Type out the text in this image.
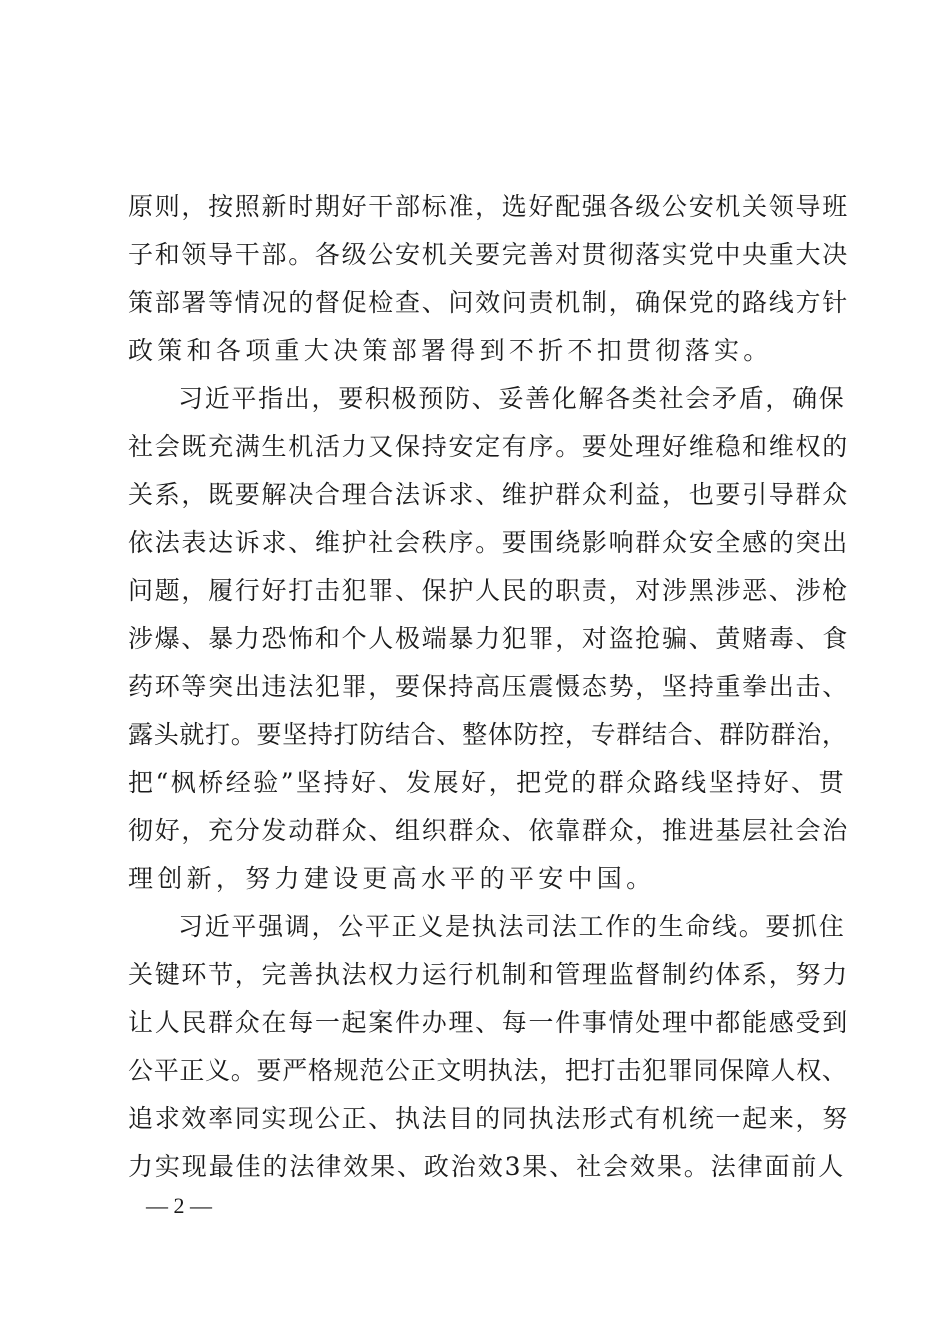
原则，按照新时期好干部标准，选好配强各级公安机关领导班
子和领导干部。各级公安机关要完善对贯彻落实党中央重大决
策部署等情况的督促检查、问效问责机制，确保党的路线方针
政策和各项重大决策部署得到不折不扣贯彻落实。
习近平指出，要积极预防、妥善化解各类社会矛盾，确保
社会既充满生机活力又保持安定有序。要处理好维稳和维权的
关系，既要解决合理合法诉求、维护群众利益，也要引导群众
依法表达诉求、维护社会秩序。要围绕影响群众安全感的突出
问题，履行好打击犯罪、保护人民的职责，对涉黑涉恶、涉枪
涉爆、暴力恐怖和个人极端暴力犯罪，对盗抢骗、黄赌毒、食
药环等突出违法犯罪，要保持高压震慑态势，坚持重拳出击、
露头就打。要坚持打防结合、整体防控，专群结合、群防群治，
把“枫桥经验”坚持好、发展好，把党的群众路线坚持好、贯
彻好，充分发动群众、组织群众、依靠群众，推进基层社会治
理创新，努力建设更高水平的平安中国。
习近平强调，公平正义是执法司法工作的生命线。要抓住
关键环节，完善执法权力运行机制和管理监督制约体系，努力
让人民群众在每一起案件办理、每一件事情处理中都能感受到
公平正义。要严格规范公正文明执法，把打击犯罪同保障人权、
追求效率同实现公正、执法目的同执法形式有机统一起来，努
力实现最佳的法律效果、政治效3果、社会效果。法律面前人
— 2 —
